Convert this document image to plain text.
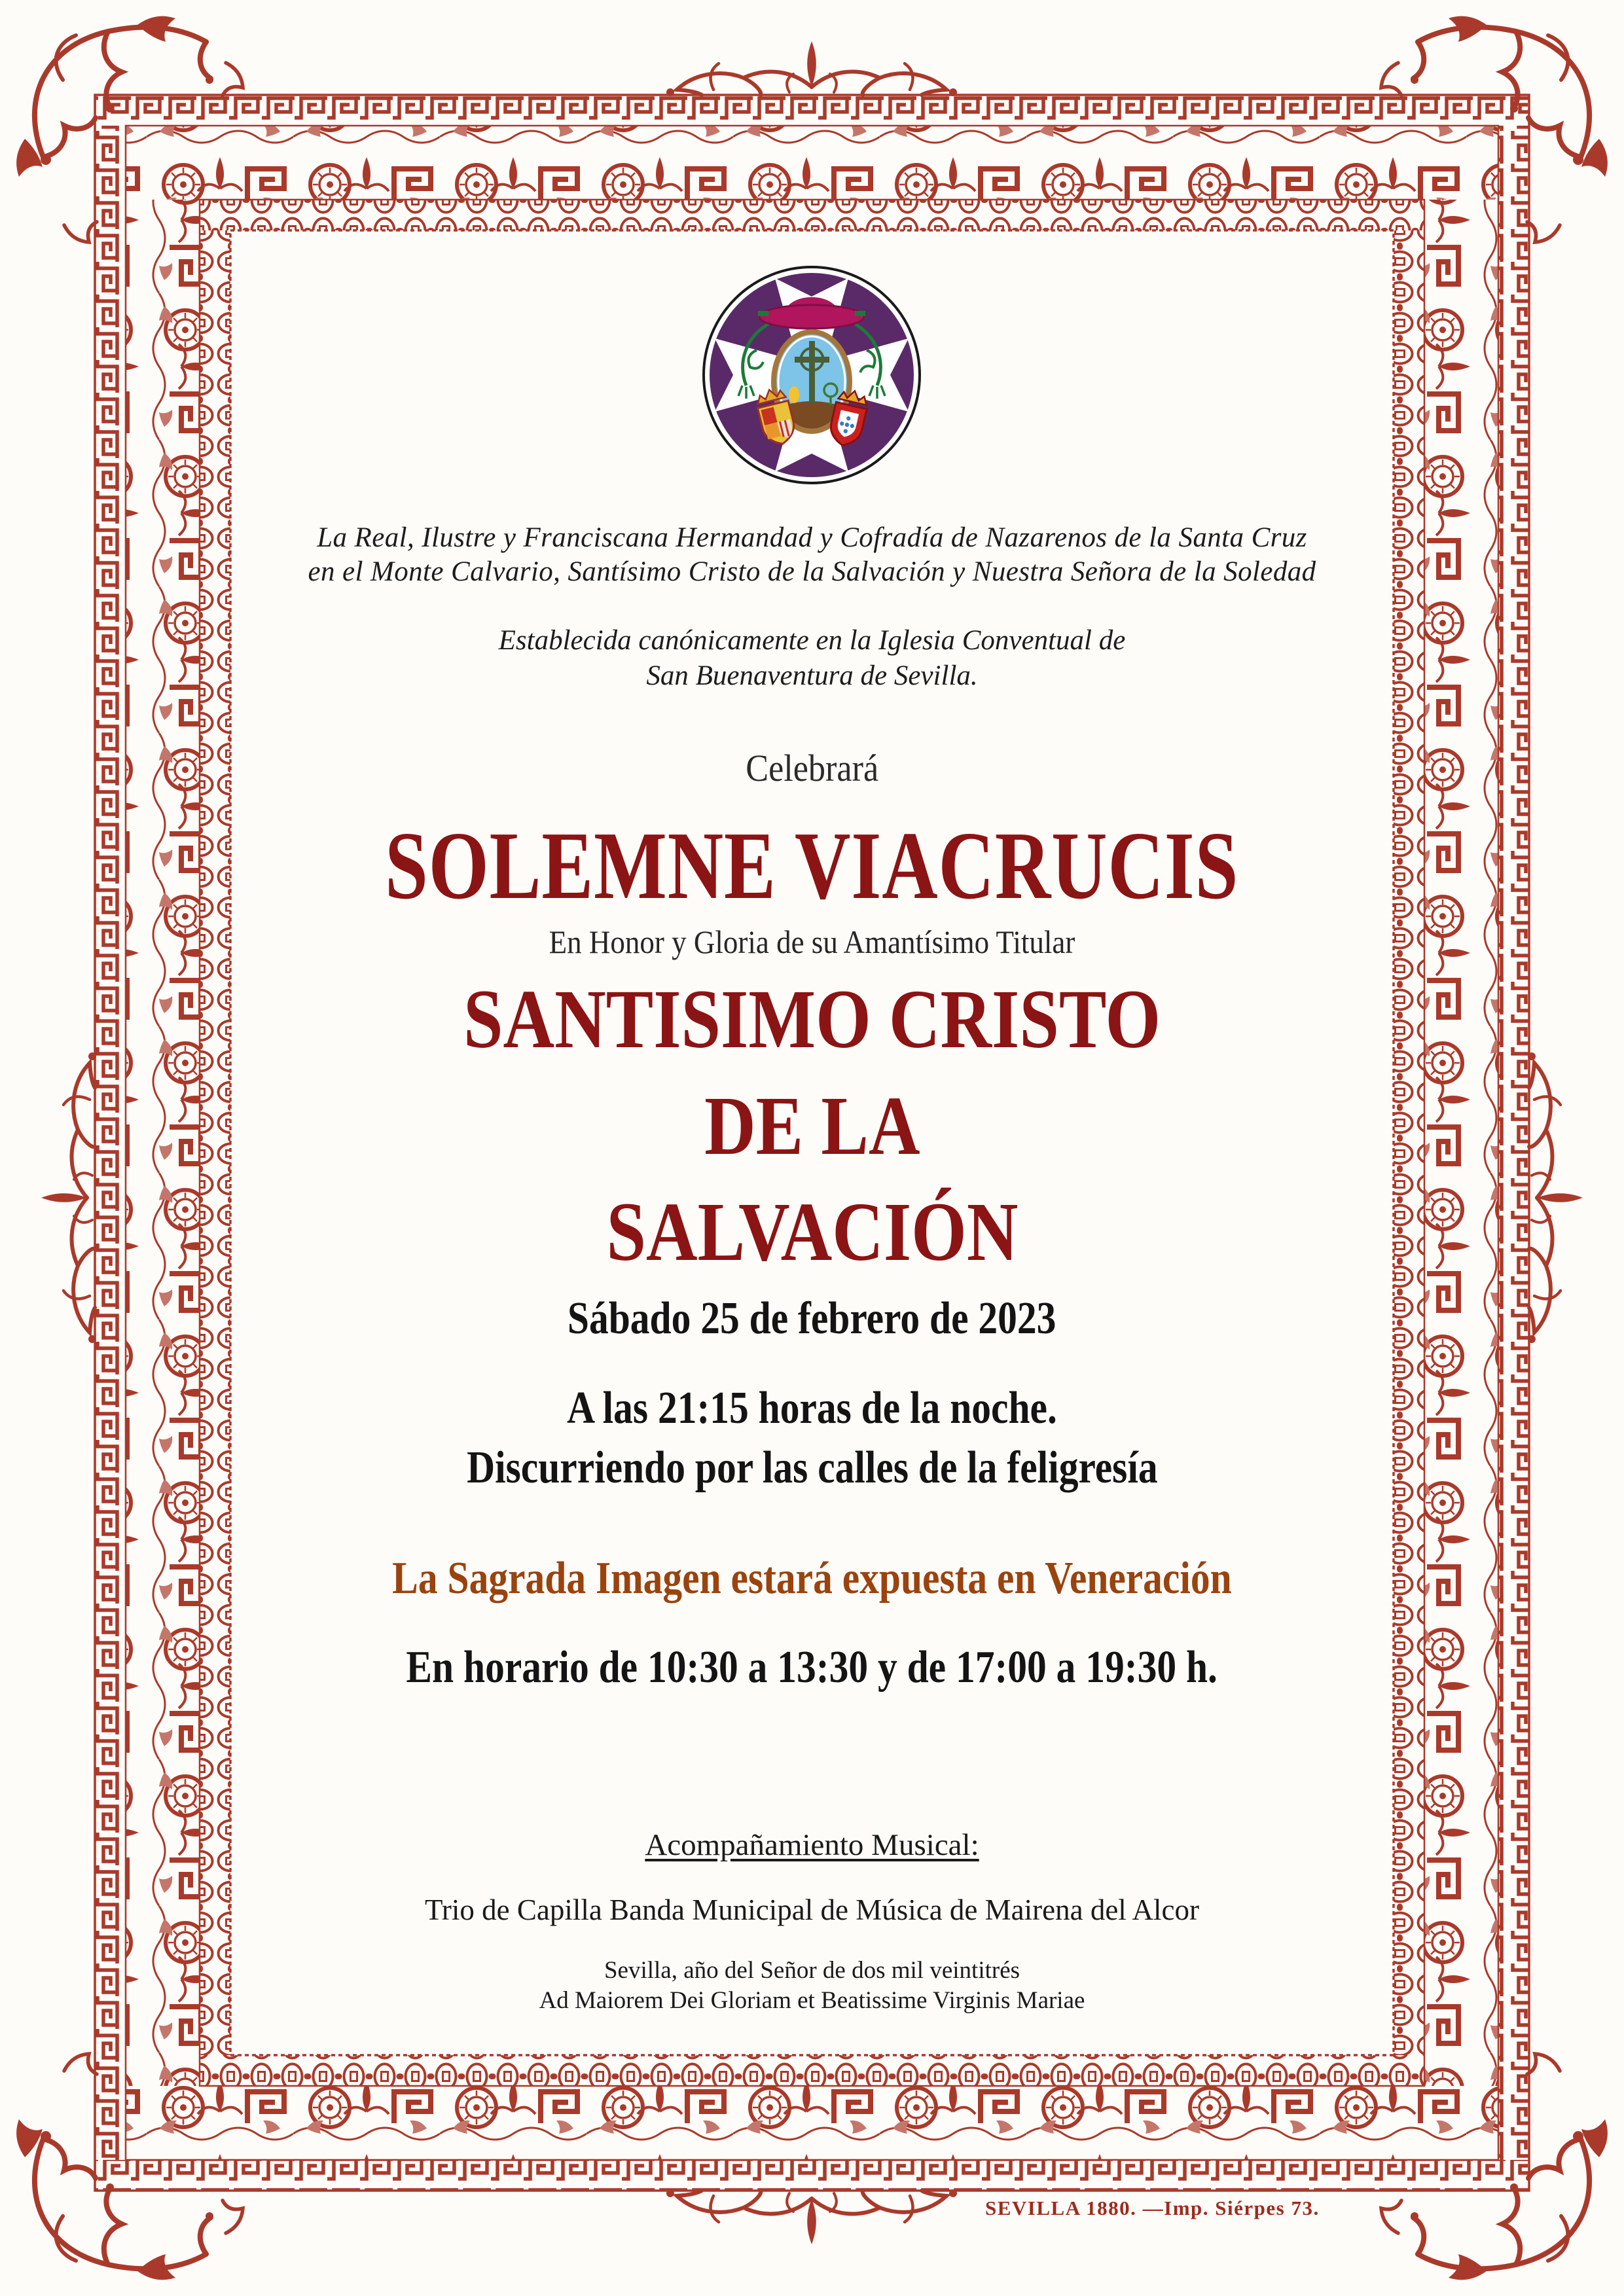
La Real, Ilustre y Franciscana Hermandad y Cofradía de Nazarenos de la Santa Cruz
en el Monte Calvario, Santísimo Cristo de la Salvación y Nuestra Señora de la Soledad
Establecida canónicamente en la Iglesia Conventual de
San Buenaventura de Sevilla.
Celebrará
SOLEMNE VIACRUCIS
En Honor y Gloria de su Amantísimo Titular
SANTISIMO CRISTO
DE LA
SALVACIÓN
Sábado 25 de febrero de 2023
A las 21:15 horas de la noche.
Discurriendo por las calles de la feligresía
La Sagrada Imagen estará expuesta en Veneración
En horario de 10:30 a 13:30 y de 17:00 a 19:30 h.
Acompañamiento Musical:
Trio de Capilla Banda Municipal de Música de Mairena del Alcor
Sevilla, año del Señor de dos mil veintitrés
Ad Maiorem Dei Gloriam et Beatissime Virginis Mariae
SEVILLA 1880. —Imp. Siérpes 73.
